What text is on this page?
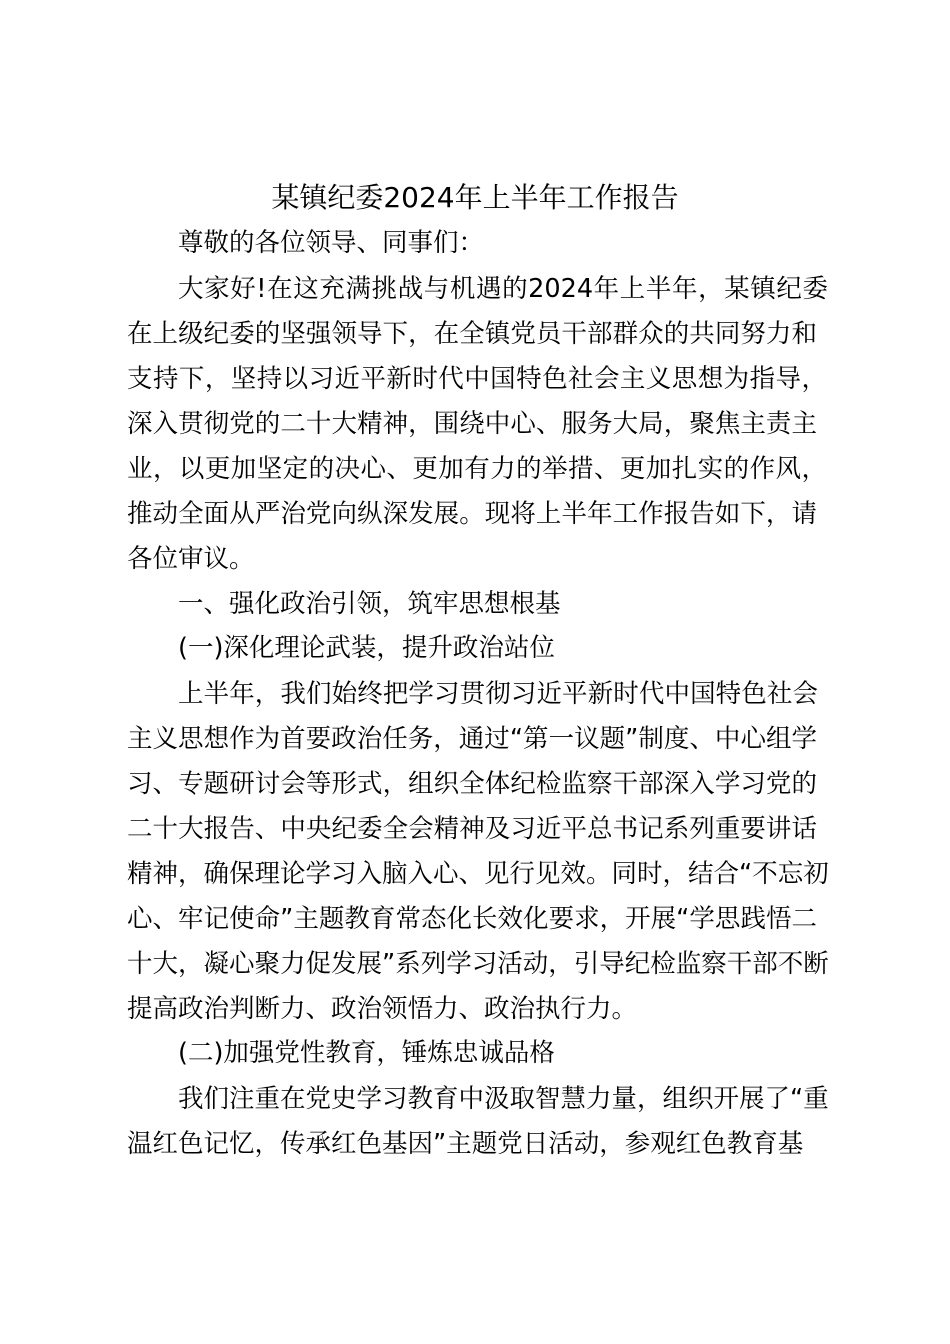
某镇纪委2024年上半年工作报告
尊敬的各位领导、同事们：
大家好!在这充满挑战与机遇的2024年上半年，某镇纪委
在上级纪委的坚强领导下，在全镇党员干部群众的共同努力和
支持下，坚持以习近平新时代中国特色社会主义思想为指导，
深入贯彻党的二十大精神，围绕中心、服务大局，聚焦主责主
业，以更加坚定的决心、更加有力的举措、更加扎实的作风，
推动全面从严治党向纵深发展。现将上半年工作报告如下，请
各位审议。
一、强化政治引领，筑牢思想根基
(一)深化理论武装，提升政治站位
上半年，我们始终把学习贯彻习近平新时代中国特色社会
主义思想作为首要政治任务，通过“第一议题”制度、中心组学
习、专题研讨会等形式，组织全体纪检监察干部深入学习党的
二十大报告、中央纪委全会精神及习近平总书记系列重要讲话
精神，确保理论学习入脑入心、见行见效。同时，结合“不忘初
心、牢记使命”主题教育常态化长效化要求，开展“学思践悟二
十大，凝心聚力促发展”系列学习活动，引导纪检监察干部不断
提高政治判断力、政治领悟力、政治执行力。
(二)加强党性教育，锤炼忠诚品格
我们注重在党史学习教育中汲取智慧力量，组织开展了“重
温红色记忆，传承红色基因”主题党日活动，参观红色教育基
